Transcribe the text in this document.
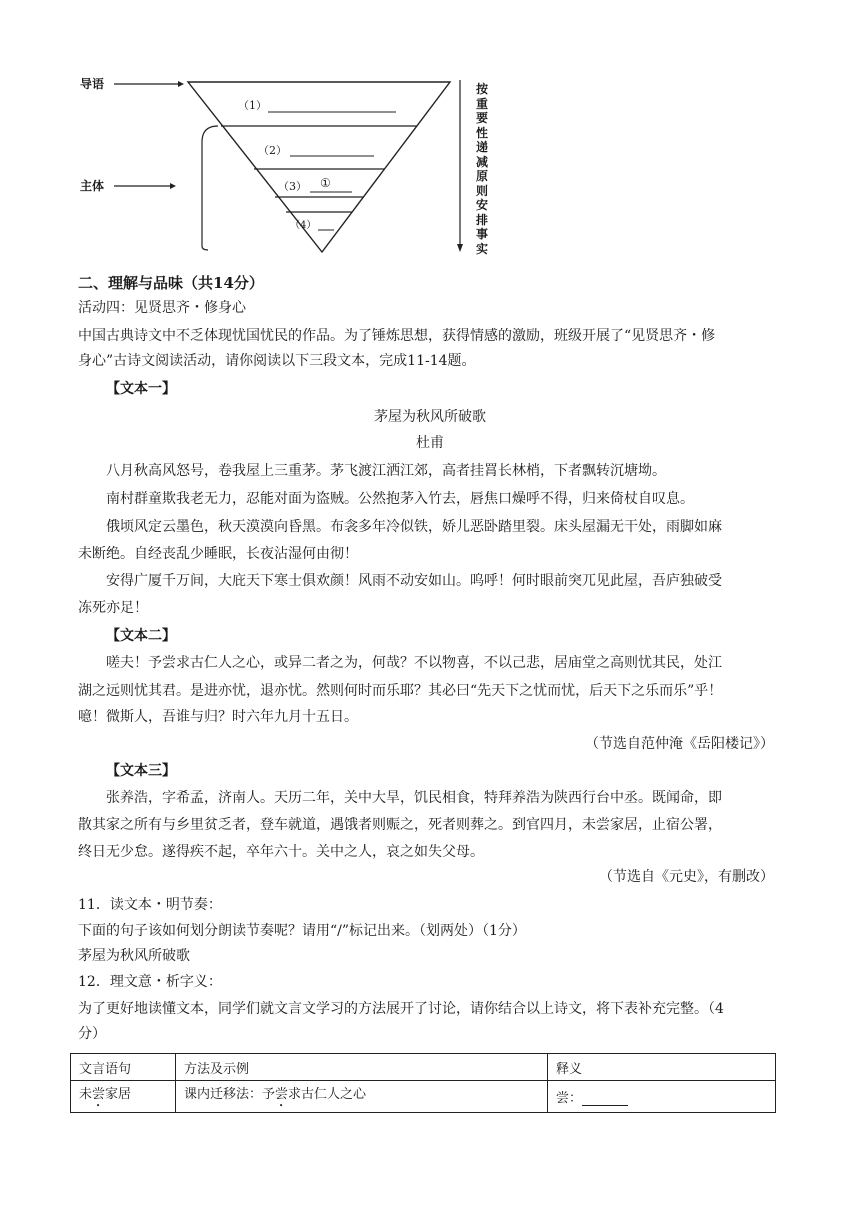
导语
主体
（1）
（2）
（3） ①
（4）
按重要性递减原则安排事实
二、理解与品味（共14分）
活动四：见贤思齐・修身心
中国古典诗文中不乏体现忧国忧民的作品。为了锤炼思想，获得情感的激励，班级开展了“见贤思齐・修
身心”古诗文阅读活动，请你阅读以下三段文本，完成11-14题。
【文本一】
茅屋为秋风所破歌
杜甫
八月秋高风怒号，卷我屋上三重茅。茅飞渡江洒江郊，高者挂罥长林梢，下者飘转沉塘坳。
南村群童欺我老无力，忍能对面为盗贼。公然抱茅入竹去，唇焦口燥呼不得，归来倚杖自叹息。
俄顷风定云墨色，秋天漠漠向昏黑。布衾多年冷似铁，娇儿恶卧踏里裂。床头屋漏无干处，雨脚如麻
未断绝。自经丧乱少睡眠，长夜沾湿何由彻！
安得广厦千万间，大庇天下寒士俱欢颜！风雨不动安如山。呜呼！何时眼前突兀见此屋，吾庐独破受
冻死亦足！
【文本二】
嗟夫！予尝求古仁人之心，或异二者之为，何哉？不以物喜，不以己悲，居庙堂之高则忧其民，处江
湖之远则忧其君。是进亦忧，退亦忧。然则何时而乐耶？其必曰“先天下之忧而忧，后天下之乐而乐”乎！
噫！微斯人，吾谁与归？时六年九月十五日。
（节选自范仲淹《岳阳楼记》）
【文本三】
张养浩，字希孟，济南人。天历二年，关中大旱，饥民相食，特拜养浩为陕西行台中丞。既闻命，即
散其家之所有与乡里贫乏者，登车就道，遇饿者则赈之，死者则葬之。到官四月，未尝家居，止宿公署，
终日无少怠。遂得疾不起，卒年六十。关中之人，哀之如失父母。
（节选自《元史》，有删改）
11．读文本・明节奏：
下面的句子该如何划分朗读节奏呢？请用“/”标记出来。（划两处）（1分）
茅屋为秋风所破歌
12．理文意・析字义：
为了更好地读懂文本，同学们就文言文学习的方法展开了讨论，请你结合以上诗文，将下表补充完整。（4
分）
文言语句	方法及示例	释义
未尝家居	课内迁移法：予尝求古仁人之心	尝：
